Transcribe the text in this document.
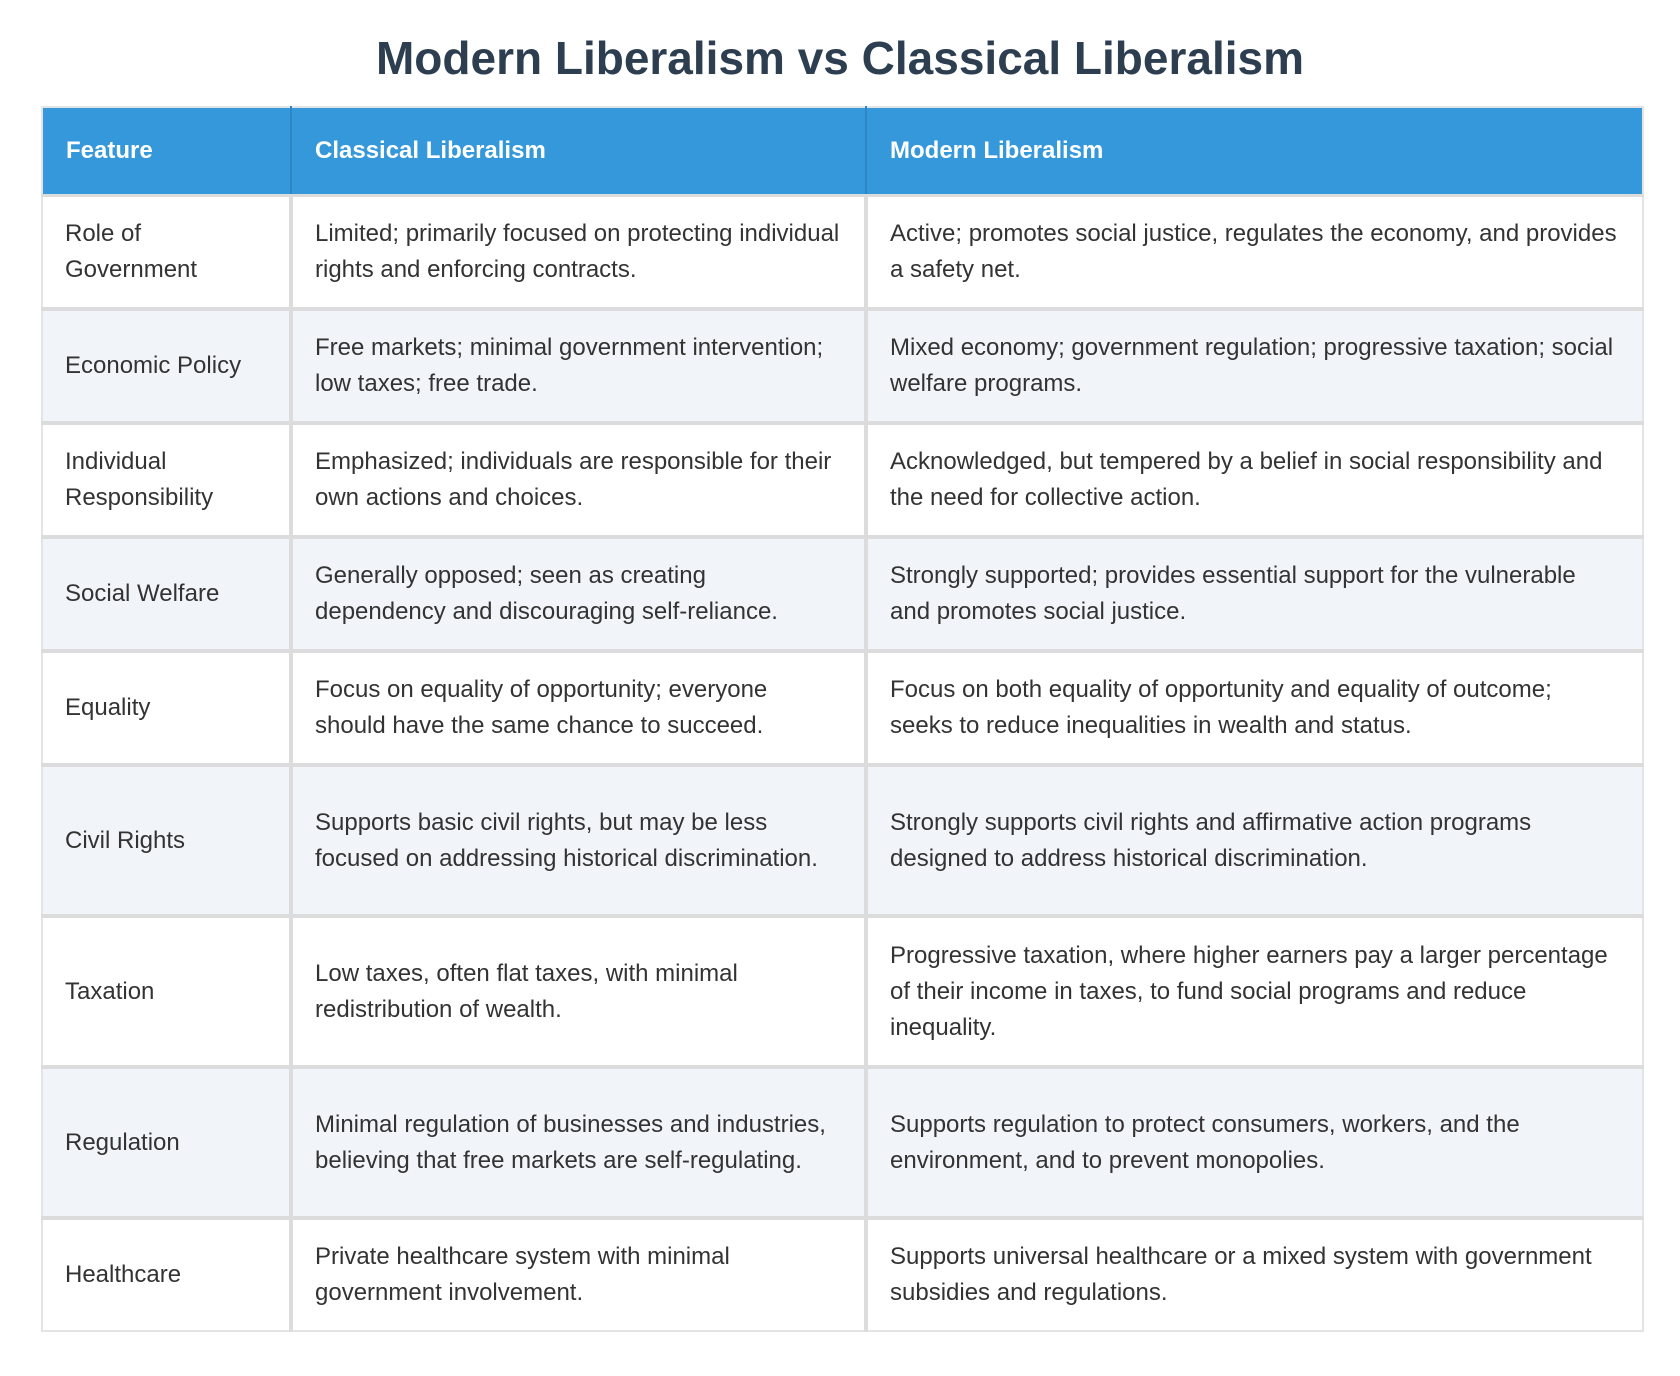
Modern Liberalism vs Classical Liberalism
Feature	Classical Liberalism	Modern Liberalism
Role of Government	Limited; primarily focused on protecting individual rights and enforcing contracts.	Active; promotes social justice, regulates the economy, and provides a safety net.
Economic Policy	Free markets; minimal government intervention; low taxes; free trade.	Mixed economy; government regulation; progressive taxation; social welfare programs.
Individual Responsibility	Emphasized; individuals are responsible for their own actions and choices.	Acknowledged, but tempered by a belief in social responsibility and the need for collective action.
Social Welfare	Generally opposed; seen as creating dependency and discouraging self-reliance.	Strongly supported; provides essential support for the vulnerable and promotes social justice.
Equality	Focus on equality of opportunity; everyone should have the same chance to succeed.	Focus on both equality of opportunity and equality of outcome; seeks to reduce inequalities in wealth and status.
Civil Rights	Supports basic civil rights, but may be less focused on addressing historical discrimination.	Strongly supports civil rights and affirmative action programs designed to address historical discrimination.
Taxation	Low taxes, often flat taxes, with minimal redistribution of wealth.	Progressive taxation, where higher earners pay a larger percentage of their income in taxes, to fund social programs and reduce inequality.
Regulation	Minimal regulation of businesses and industries, believing that free markets are self-regulating.	Supports regulation to protect consumers, workers, and the environment, and to prevent monopolies.
Healthcare	Private healthcare system with minimal government involvement.	Supports universal healthcare or a mixed system with government subsidies and regulations.
